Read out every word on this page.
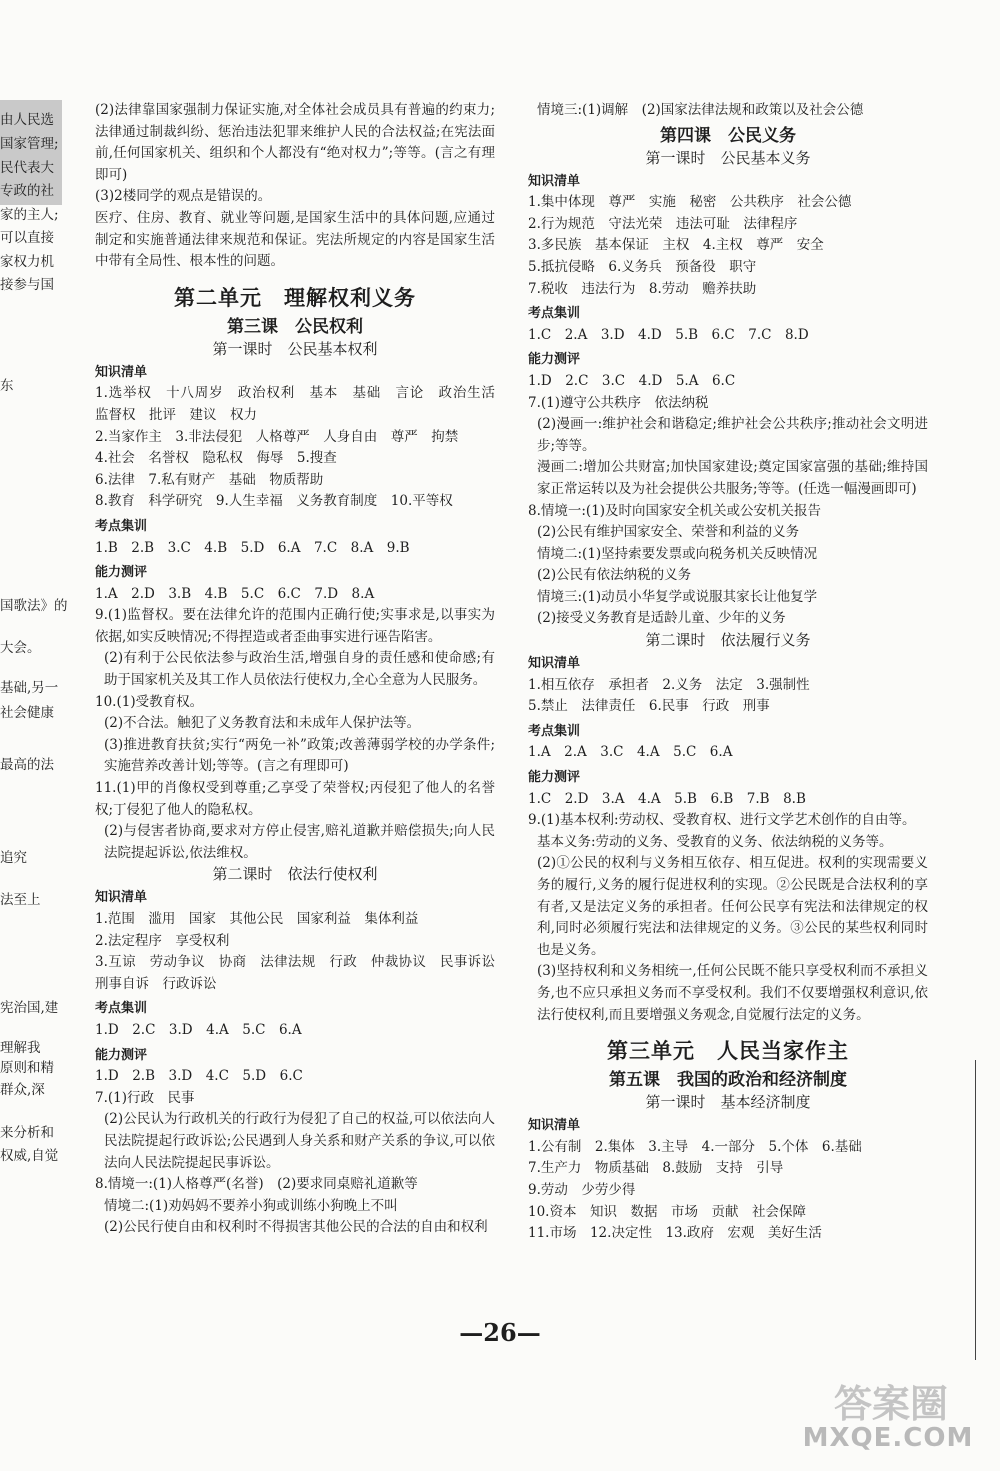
由人民选
国家管理;
民代表大
专政的社
家的主人;
可以直接
家权力机
接参与国
东
国歌法》的
大会。
基础,另一
社会健康
最高的法
追究
法至上
宪治国,建
理解我
原则和精
群众,深
来分析和
权威,自觉
(2)法律靠国家强制力保证实施,对全体社会成员具有普遍的约束力;法律通过制裁纠纷、惩治违法犯罪来维护人民的合法权益;在宪法面前,任何国家机关、组织和个人都没有“绝对权力”;等等。(言之有理即可)
(3)2楼同学的观点是错误的。
医疗、住房、教育、就业等问题,是国家生活中的具体问题,应通过制定和实施普通法律来规范和保证。宪法所规定的内容是国家生活中带有全局性、根本性的问题。
第二单元　理解权利义务
第三课　公民权利
第一课时　公民基本权利
知识清单
1.选举权　十八周岁　政治权利　基本　基础　言论　政治生活　监督权　批评　建议　权力
2.当家作主　3.非法侵犯　人格尊严　人身自由　尊严　拘禁
4.社会　名誉权　隐私权　侮辱　5.搜查
6.法律　7.私有财产　基础　物质帮助
8.教育　科学研究　9.人生幸福　义务教育制度　10.平等权
考点集训
1.B　2.B　3.C　4.B　5.D　6.A　7.C　8.A　9.B
能力测评
1.A　2.D　3.B　4.B　5.C　6.C　7.D　8.A
9.(1)监督权。要在法律允许的范围内正确行使;实事求是,以事实为依据,如实反映情况;不得捏造或者歪曲事实进行诬告陷害。
(2)有利于公民依法参与政治生活,增强自身的责任感和使命感;有助于国家机关及其工作人员依法行使权力,全心全意为人民服务。
10.(1)受教育权。
(2)不合法。触犯了义务教育法和未成年人保护法等。
(3)推进教育扶贫;实行“两免一补”政策;改善薄弱学校的办学条件;实施营养改善计划;等等。(言之有理即可)
11.(1)甲的肖像权受到尊重;乙享受了荣誉权;丙侵犯了他人的名誉权;丁侵犯了他人的隐私权。
(2)与侵害者协商,要求对方停止侵害,赔礼道歉并赔偿损失;向人民法院提起诉讼,依法维权。
第二课时　依法行使权利
知识清单
1.范围　滥用　国家　其他公民　国家利益　集体利益
2.法定程序　享受权利
3.互谅　劳动争议　协商　法律法规　行政　仲裁协议　民事诉讼　刑事自诉　行政诉讼
考点集训
1.D　2.C　3.D　4.A　5.C　6.A
能力测评
1.D　2.B　3.D　4.C　5.D　6.C
7.(1)行政　民事
(2)公民认为行政机关的行政行为侵犯了自己的权益,可以依法向人民法院提起行政诉讼;公民遇到人身关系和财产关系的争议,可以依法向人民法院提起民事诉讼。
8.情境一:(1)人格尊严(名誉)　(2)要求同桌赔礼道歉等
情境二:(1)劝妈妈不要养小狗或训练小狗晚上不叫
(2)公民行使自由和权利时不得损害其他公民的合法的自由和权利
情境三:(1)调解　(2)国家法律法规和政策以及社会公德
第四课　公民义务
第一课时　公民基本义务
知识清单
1.集中体现　尊严　实施　秘密　公共秩序　社会公德
2.行为规范　守法光荣　违法可耻　法律程序
3.多民族　基本保证　主权　4.主权　尊严　安全
5.抵抗侵略　6.义务兵　预备役　职守
7.税收　违法行为　8.劳动　赡养扶助
考点集训
1.C　2.A　3.D　4.D　5.B　6.C　7.C　8.D
能力测评
1.D　2.C　3.C　4.D　5.A　6.C
7.(1)遵守公共秩序　依法纳税
(2)漫画一:维护社会和谐稳定;维护社会公共秩序;推动社会文明进步;等等。
漫画二:增加公共财富;加快国家建设;奠定国家富强的基础;维持国家正常运转以及为社会提供公共服务;等等。(任选一幅漫画即可)
8.情境一:(1)及时向国家安全机关或公安机关报告
(2)公民有维护国家安全、荣誉和利益的义务
情境二:(1)坚持索要发票或向税务机关反映情况
(2)公民有依法纳税的义务
情境三:(1)动员小华复学或说服其家长让他复学
(2)接受义务教育是适龄儿童、少年的义务
第二课时　依法履行义务
知识清单
1.相互依存　承担者　2.义务　法定　3.强制性
5.禁止　法律责任　6.民事　行政　刑事
考点集训
1.A　2.A　3.C　4.A　5.C　6.A
能力测评
1.C　2.D　3.A　4.A　5.B　6.B　7.B　8.B
9.(1)基本权利:劳动权、受教育权、进行文学艺术创作的自由等。
基本义务:劳动的义务、受教育的义务、依法纳税的义务等。
(2)①公民的权利与义务相互依存、相互促进。权利的实现需要义务的履行,义务的履行促进权利的实现。②公民既是合法权利的享有者,又是法定义务的承担者。任何公民享有宪法和法律规定的权利,同时必须履行宪法和法律规定的义务。③公民的某些权利同时也是义务。
(3)坚持权利和义务相统一,任何公民既不能只享受权利而不承担义务,也不应只承担义务而不享受权利。我们不仅要增强权利意识,依法行使权利,而且要增强义务观念,自觉履行法定的义务。
第三单元　人民当家作主
第五课　我国的政治和经济制度
第一课时　基本经济制度
知识清单
1.公有制　2.集体　3.主导　4.一部分　5.个体　6.基础
7.生产力　物质基础　8.鼓励　支持　引导
9.劳动　少劳少得
10.资本　知识　数据　市场　贡献　社会保障
11.市场　12.决定性　13.政府　宏观　美好生活
—26—
答案圈
MXQE.COM
